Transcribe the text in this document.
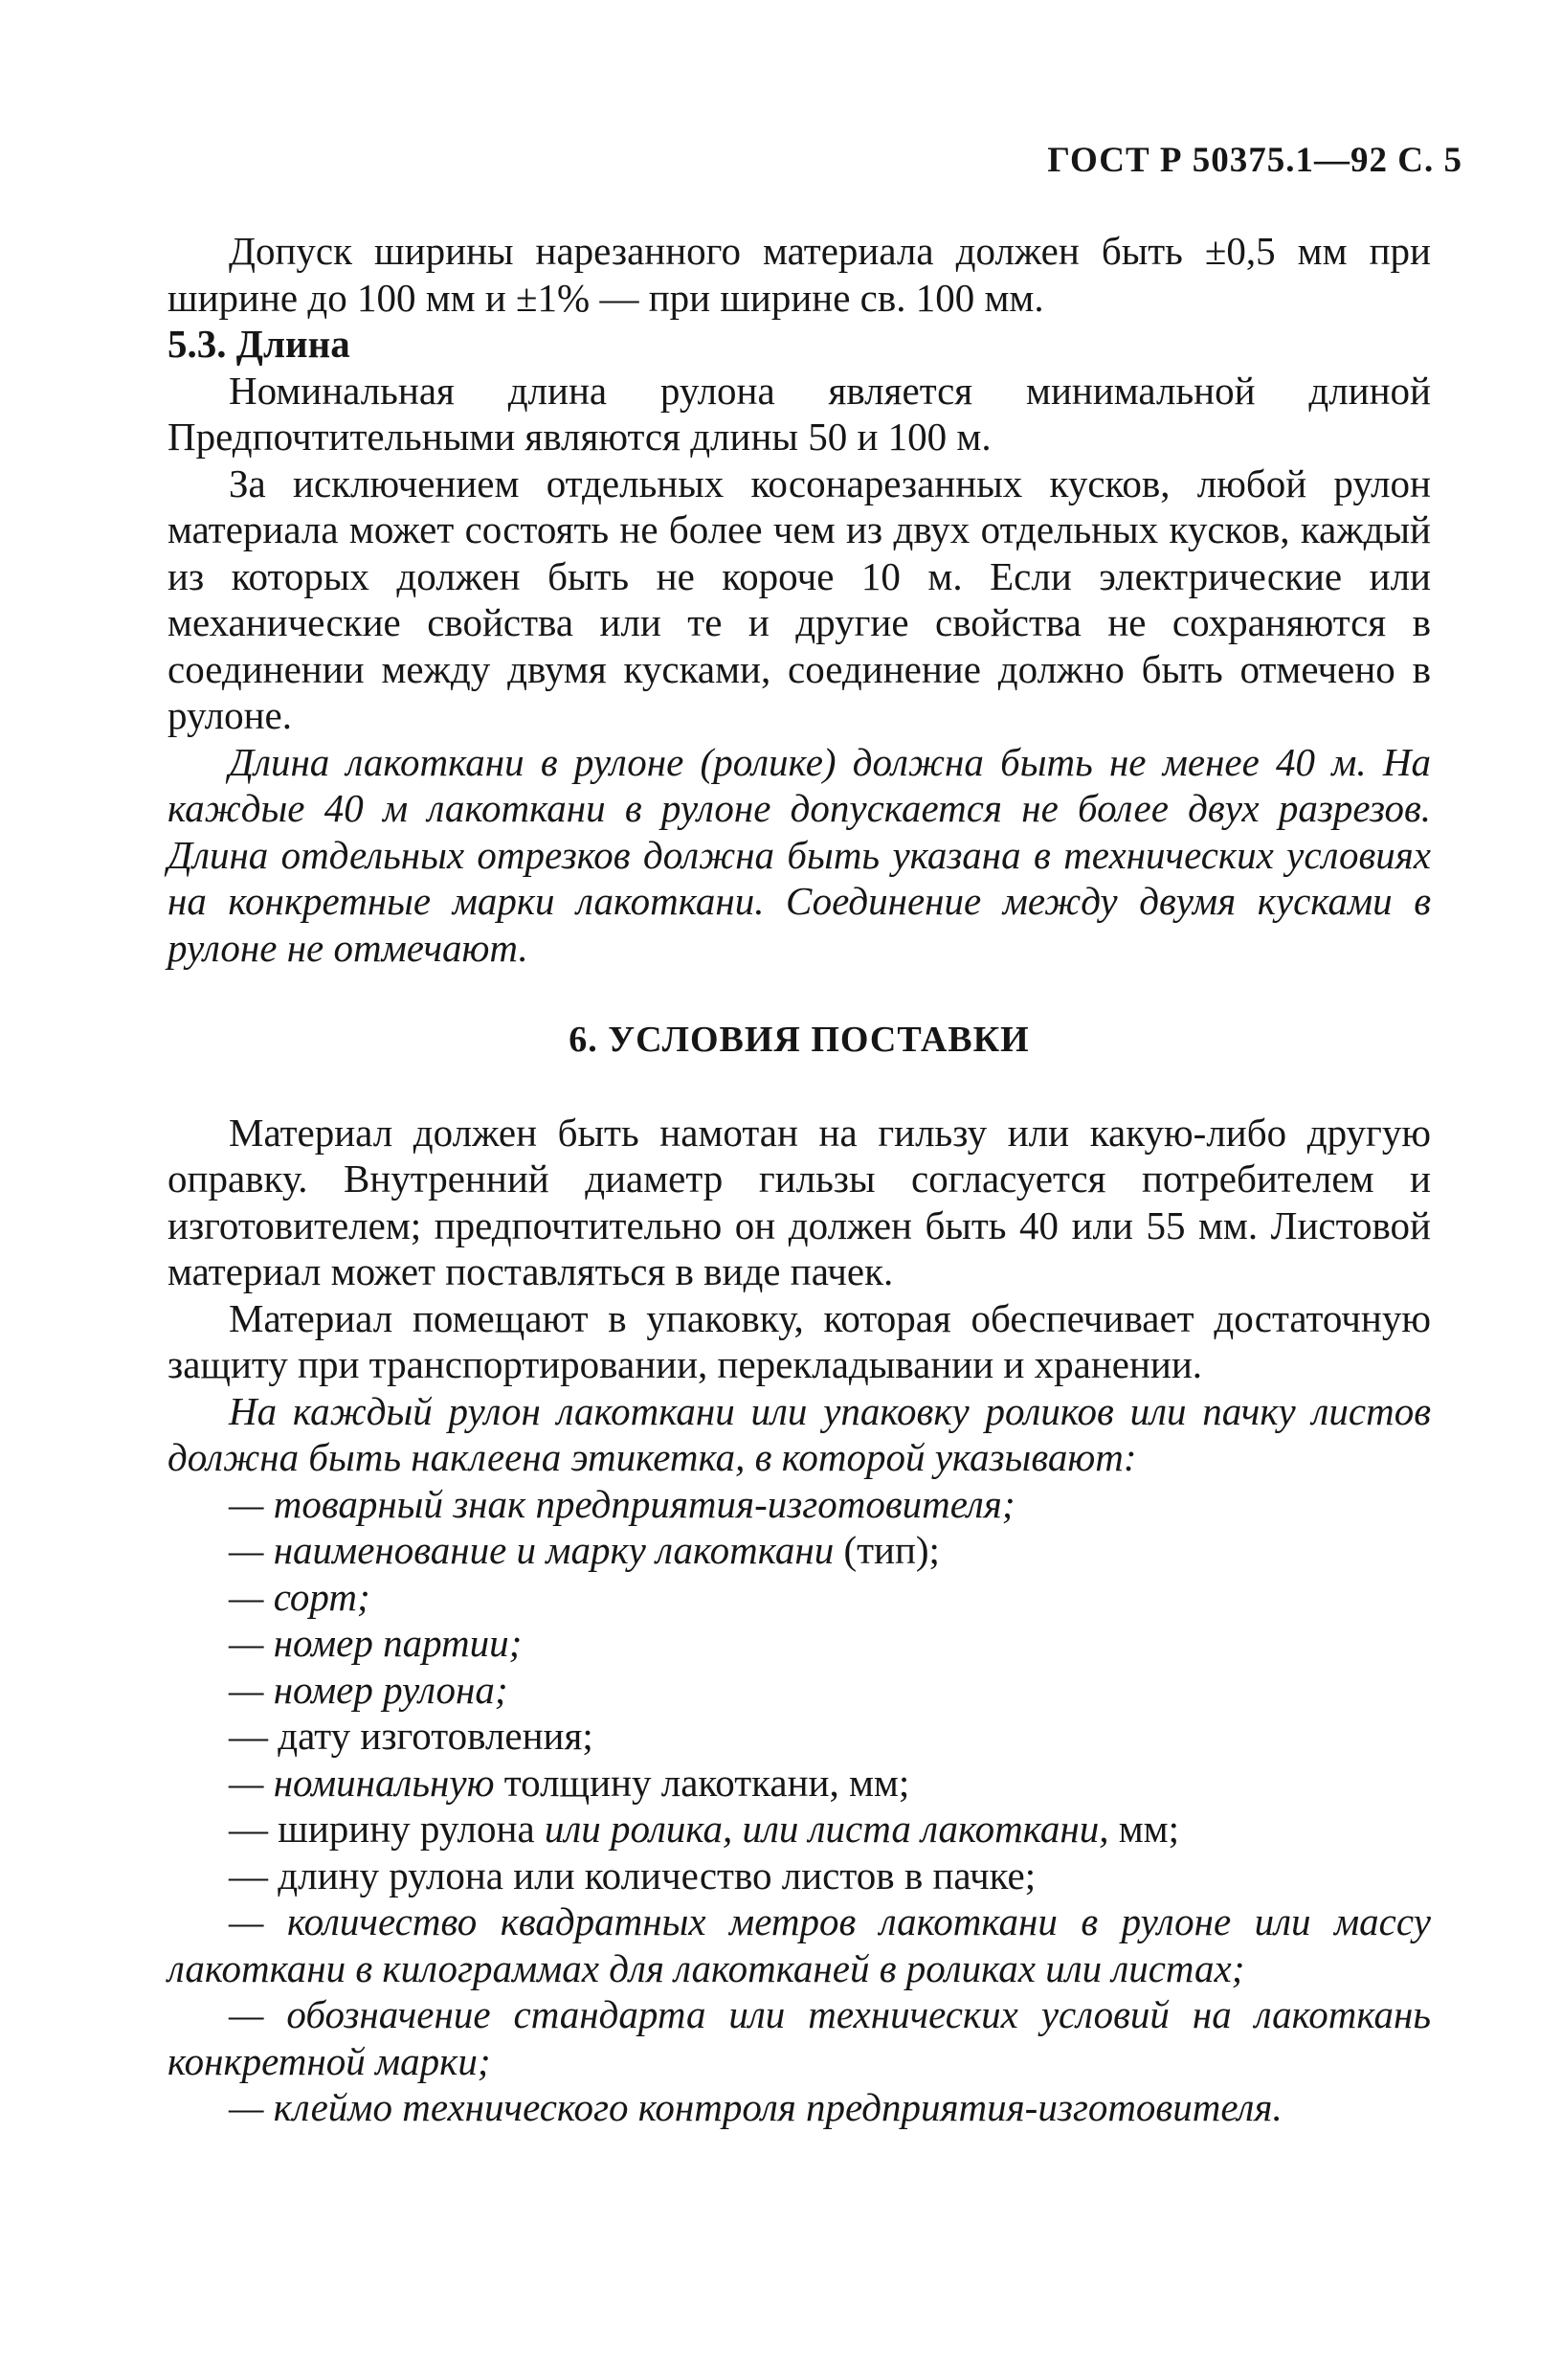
ГОСТ Р 50375.1—92 С. 5

Допуск ширины нарезанного материала должен быть ±0,5 мм при ширине до 100 мм и ±1% — при ширине св. 100 мм.

5.3. Длина

Номинальная длина рулона является минимальной длиной Предпочтительными являются длины 50 и 100 м.

За исключением отдельных косонарезанных кусков, любой рулон материала может состоять не более чем из двух отдельных кусков, каждый из которых должен быть не короче 10 м. Если электрические или механические свойства или те и другие свойства не сохраняются в соединении между двумя кусками, соединение должно быть отмечено в рулоне.

Длина лакоткани в рулоне (ролике) должна быть не менее 40 м. На каждые 40 м лакоткани в рулоне допускается не более двух разрезов. Длина отдельных отрезков должна быть указана в технических условиях на конкретные марки лакоткани. Соединение между двумя кусками в рулоне не отмечают.

6. УСЛОВИЯ ПОСТАВКИ

Материал должен быть намотан на гильзу или какую-либо другую оправку. Внутренний диаметр гильзы согласуется потребителем и изготовителем; предпочтительно он должен быть 40 или 55 мм. Листовой материал может поставляться в виде пачек.

Материал помещают в упаковку, которая обеспечивает достаточную защиту при транспортировании, перекладывании и хранении.

На каждый рулон лакоткани или упаковку роликов или пачку листов должна быть наклеена этикетка, в которой указывают:

— товарный знак предприятия-изготовителя;

— наименование и марку лакоткани (тип);

— сорт;

— номер партии;

— номер рулона;

— дату изготовления;

— номинальную толщину лакоткани, мм;

— ширину рулона или ролика, или листа лакоткани, мм;

— длину рулона или количество листов в пачке;

— количество квадратных метров лакоткани в рулоне или массу лакоткани в килограммах для лакотканей в роликах или листах;

— обозначение стандарта или технических условий на лакоткань конкретной марки;

— клеймо технического контроля предприятия-изготовителя.
